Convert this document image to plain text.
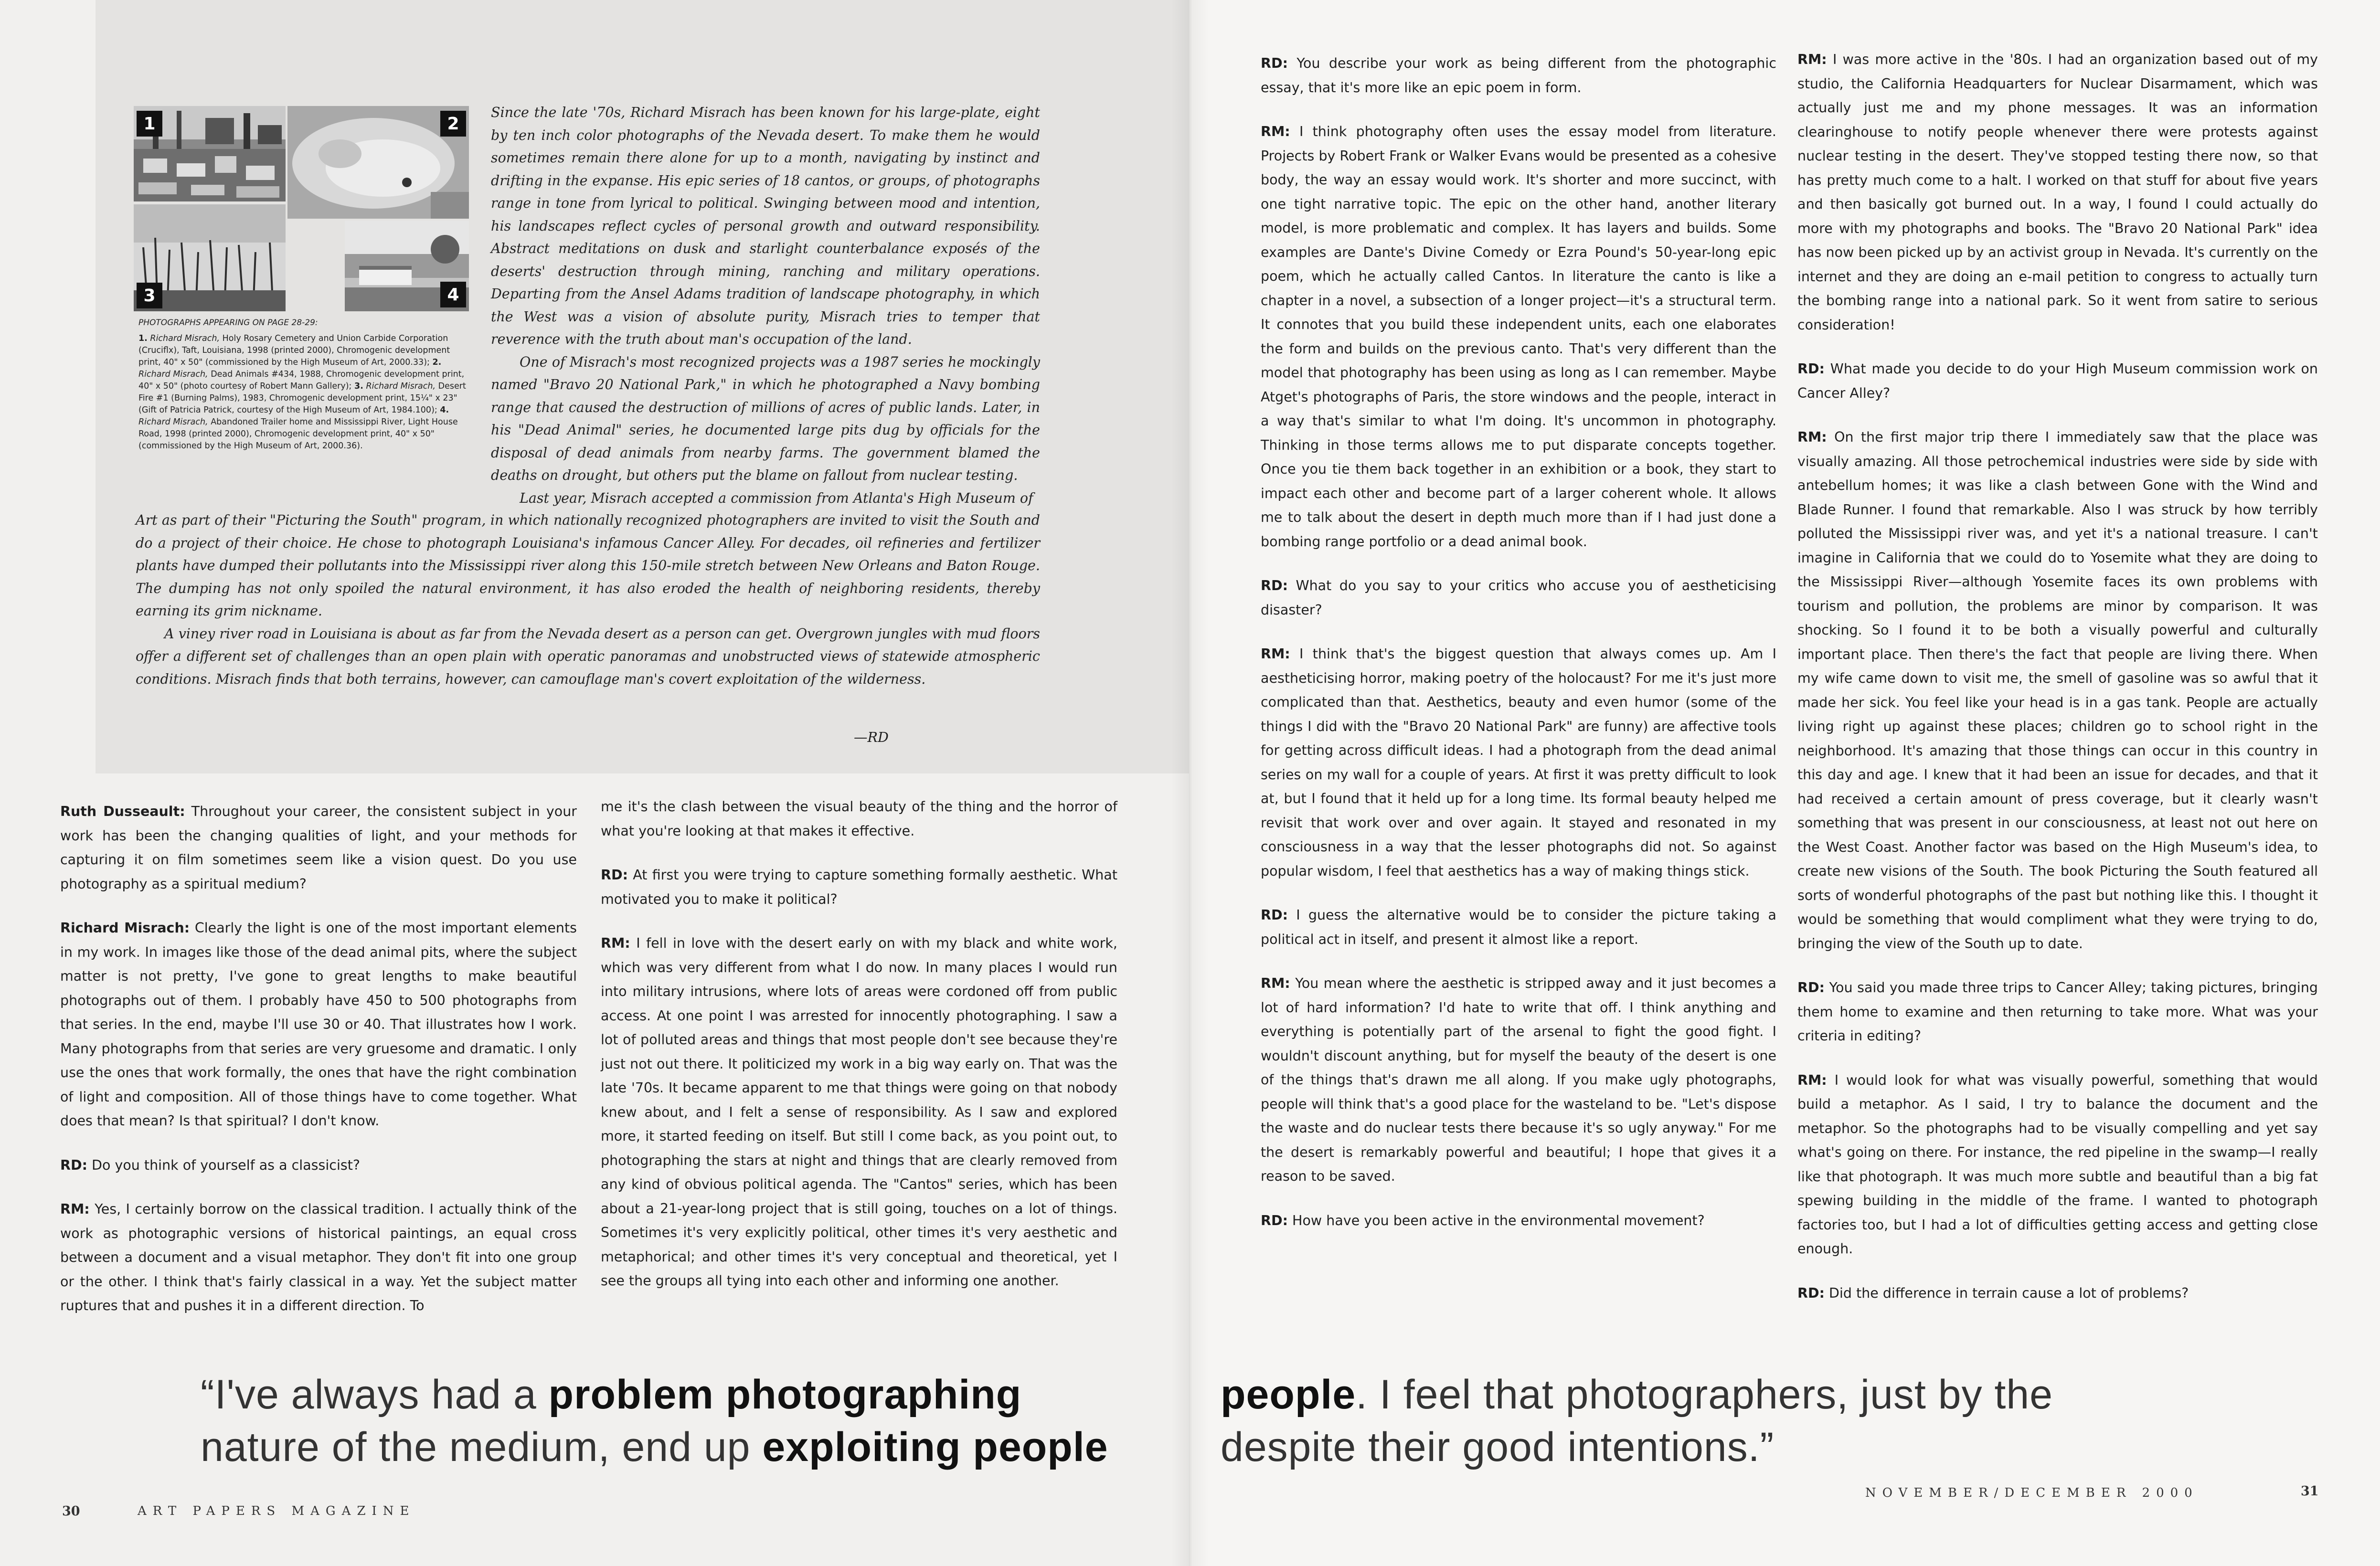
1	2
3	4
PHOTOGRAPHS APPEARING ON PAGE 28-29:
1. Richard Misrach, Holy Rosary Cemetery and Union Carbide Corporation (Cruciflx), Taft, Louisiana, 1998 (printed 2000), Chromogenic development print, 40" x 50" (commissioned by the High Museum of Art, 2000.33); 2. Richard Misrach, Dead Animals #434, 1988, Chromogenic development print, 40" x 50" (photo courtesy of Robert Mann Gallery); 3. Richard Misrach, Desert Fire #1 (Burning Palms), 1983, Chromogenic development print, 15¼" x 23" (Gift of Patricia Patrick, courtesy of the High Museum of Art, 1984.100); 4. Richard Misrach, Abandoned Trailer home and Mississippi River, Light House Road, 1998 (printed 2000), Chromogenic development print, 40" x 50" (commissioned by the High Museum of Art, 2000.36).

Since the late '70s, Richard Misrach has been known for his large-plate, eight by ten inch color photographs of the Nevada desert. To make them he would sometimes remain there alone for up to a month, navigating by instinct and drifting in the expanse. His epic series of 18 cantos, or groups, of photographs range in tone from lyrical to political. Swinging between mood and intention, his landscapes reflect cycles of personal growth and outward responsibility. Abstract meditations on dusk and starlight counterbalance exposés of the deserts' destruction through mining, ranching and military operations. Departing from the Ansel Adams tradition of landscape photography, in which the West was a vision of absolute purity, Misrach tries to temper that reverence with the truth about man's occupation of the land.

One of Misrach's most recognized projects was a 1987 series he mockingly named "Bravo 20 National Park," in which he photographed a Navy bombing range that caused the destruction of millions of acres of public lands. Later, in his "Dead Animal" series, he documented large pits dug by officials for the disposal of dead animals from nearby farms. The government blamed the deaths on drought, but others put the blame on fallout from nuclear testing.

Last year, Misrach accepted a commission from Atlanta's High Museum of

Art as part of their "Picturing the South" program, in which nationally recognized photographers are invited to visit the South and do a project of their choice. He chose to photograph Louisiana's infamous Cancer Alley. For decades, oil refineries and fertilizer plants have dumped their pollutants into the Mississippi river along this 150-mile stretch between New Orleans and Baton Rouge. The dumping has not only spoiled the natural environment, it has also eroded the health of neighboring residents, thereby earning its grim nickname.

A viney river road in Louisiana is about as far from the Nevada desert as a person can get. Overgrown jungles with mud floors offer a different set of challenges than an open plain with operatic panoramas and unobstructed views of statewide atmospheric conditions. Misrach finds that both terrains, however, can camouflage man's covert exploitation of the wilderness.

—RD

Ruth Dusseault: Throughout your career, the consistent subject in your work has been the changing qualities of light, and your methods for capturing it on film sometimes seem like a vision quest. Do you use photography as a spiritual medium?

Richard Misrach: Clearly the light is one of the most important elements in my work. In images like those of the dead animal pits, where the subject matter is not pretty, I've gone to great lengths to make beautiful photographs out of them. I probably have 450 to 500 photographs from that series. In the end, maybe I'll use 30 or 40. That illustrates how I work. Many photographs from that series are very gruesome and dramatic. I only use the ones that work formally, the ones that have the right combination of light and composition. All of those things have to come together. What does that mean? Is that spiritual? I don't know.

RD: Do you think of yourself as a classicist?

RM: Yes, I certainly borrow on the classical tradition. I actually think of the work as photographic versions of historical paintings, an equal cross between a document and a visual metaphor. They don't fit into one group or the other. I think that's fairly classical in a way. Yet the subject matter ruptures that and pushes it in a different direction. To

me it's the clash between the visual beauty of the thing and the horror of what you're looking at that makes it effective.

RD: At first you were trying to capture something formally aesthetic. What motivated you to make it political?

RM: I fell in love with the desert early on with my black and white work, which was very different from what I do now. In many places I would run into military intrusions, where lots of areas were cordoned off from public access. At one point I was arrested for innocently photographing. I saw a lot of polluted areas and things that most people don't see because they're just not out there. It politicized my work in a big way early on. That was the late '70s. It became apparent to me that things were going on that nobody knew about, and I felt a sense of responsibility. As I saw and explored more, it started feeding on itself. But still I come back, as you point out, to photographing the stars at night and things that are clearly removed from any kind of obvious political agenda. The "Cantos" series, which has been about a 21-year-long project that is still going, touches on a lot of things. Sometimes it's very explicitly political, other times it's very aesthetic and metaphorical; and other times it's very conceptual and theoretical, yet I see the groups all tying into each other and informing one another.

RD: You describe your work as being different from the photographic essay, that it's more like an epic poem in form.

RM: I think photography often uses the essay model from literature. Projects by Robert Frank or Walker Evans would be presented as a cohesive body, the way an essay would work. It's shorter and more succinct, with one tight narrative topic. The epic on the other hand, another literary model, is more problematic and complex. It has layers and builds. Some examples are Dante's Divine Comedy or Ezra Pound's 50-year-long epic poem, which he actually called Cantos. In literature the canto is like a chapter in a novel, a subsection of a longer project—it's a structural term. It connotes that you build these independent units, each one elaborates the form and builds on the previous canto. That's very different than the model that photography has been using as long as I can remember. Maybe Atget's photographs of Paris, the store windows and the people, interact in a way that's similar to what I'm doing. It's uncommon in photography. Thinking in those terms allows me to put disparate concepts together. Once you tie them back together in an exhibition or a book, they start to impact each other and become part of a larger coherent whole. It allows me to talk about the desert in depth much more than if I had just done a bombing range portfolio or a dead animal book.

RD: What do you say to your critics who accuse you of aestheticising disaster?

RM: I think that's the biggest question that always comes up. Am I aestheticising horror, making poetry of the holocaust? For me it's just more complicated than that. Aesthetics, beauty and even humor (some of the things I did with the "Bravo 20 National Park" are funny) are affective tools for getting across difficult ideas. I had a photograph from the dead animal series on my wall for a couple of years. At first it was pretty difficult to look at, but I found that it held up for a long time. Its formal beauty helped me revisit that work over and over again. It stayed and resonated in my consciousness in a way that the lesser photographs did not. So against popular wisdom, I feel that aesthetics has a way of making things stick.

RD: I guess the alternative would be to consider the picture taking a political act in itself, and present it almost like a report.

RM: You mean where the aesthetic is stripped away and it just becomes a lot of hard information? I'd hate to write that off. I think anything and everything is potentially part of the arsenal to fight the good fight. I wouldn't discount anything, but for myself the beauty of the desert is one of the things that's drawn me all along. If you make ugly photographs, people will think that's a good place for the wasteland to be. "Let's dispose the waste and do nuclear tests there because it's so ugly anyway." For me the desert is remarkably powerful and beautiful; I hope that gives it a reason to be saved.

RD: How have you been active in the environmental movement?

RM: I was more active in the '80s. I had an organization based out of my studio, the California Headquarters for Nuclear Disarmament, which was actually just me and my phone messages. It was an information clearinghouse to notify people whenever there were protests against nuclear testing in the desert. They've stopped testing there now, so that has pretty much come to a halt. I worked on that stuff for about five years and then basically got burned out. In a way, I found I could actually do more with my photographs and books. The "Bravo 20 National Park" idea has now been picked up by an activist group in Nevada. It's currently on the internet and they are doing an e-mail petition to congress to actually turn the bombing range into a national park. So it went from satire to serious consideration!

RD: What made you decide to do your High Museum commission work on Cancer Alley?

RM: On the first major trip there I immediately saw that the place was visually amazing. All those petrochemical industries were side by side with antebellum homes; it was like a clash between Gone with the Wind and Blade Runner. I found that remarkable. Also I was struck by how terribly polluted the Mississippi river was, and yet it's a national treasure. I can't imagine in California that we could do to Yosemite what they are doing to the Mississippi River—although Yosemite faces its own problems with tourism and pollution, the problems are minor by comparison. It was shocking. So I found it to be both a visually powerful and culturally important place. Then there's the fact that people are living there. When my wife came down to visit me, the smell of gasoline was so awful that it made her sick. You feel like your head is in a gas tank. People are actually living right up against these places; children go to school right in the neighborhood. It's amazing that those things can occur in this country in this day and age. I knew that it had been an issue for decades, and that it had received a certain amount of press coverage, but it clearly wasn't something that was present in our consciousness, at least not out here on the West Coast. Another factor was based on the High Museum's idea, to create new visions of the South. The book Picturing the South featured all sorts of wonderful photographs of the past but nothing like this. I thought it would be something that would compliment what they were trying to do, bringing the view of the South up to date.

RD: You said you made three trips to Cancer Alley; taking pictures, bringing them home to examine and then returning to take more. What was your criteria in editing?

RM: I would look for what was visually powerful, something that would build a metaphor. As I said, I try to balance the document and the metaphor. So the photographs had to be visually compelling and yet say what's going on there. For instance, the red pipeline in the swamp—I really like that photograph. It was much more subtle and beautiful than a big fat spewing building in the middle of the frame. I wanted to photograph factories too, but I had a lot of difficulties getting access and getting close enough.

RD: Did the difference in terrain cause a lot of problems?

“I've always had a problem photographing
nature of the medium, end up exploiting people
people. I feel that photographers, just by the
despite their good intentions.”
30	ART PAPERS MAGAZINE
NOVEMBER/DECEMBER 2000	31
